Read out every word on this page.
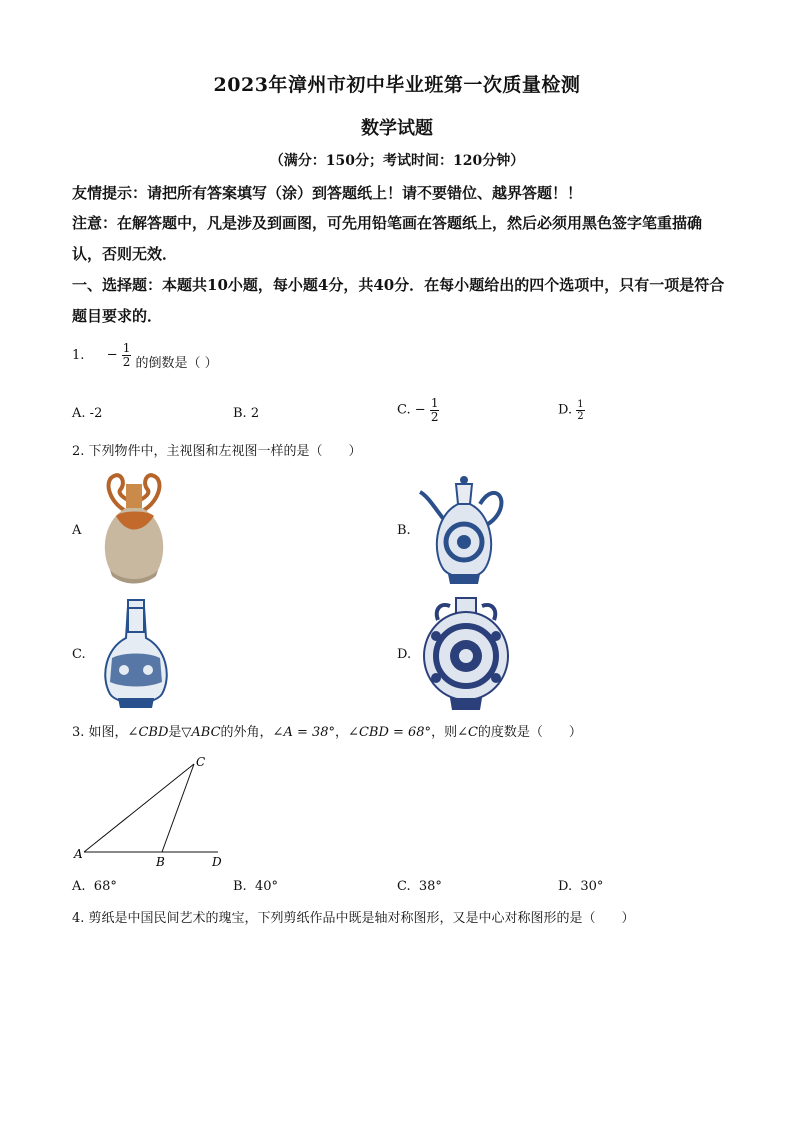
2023年漳州市初中毕业班第一次质量检测
数学试题
（满分：150分；考试时间：120分钟）
友情提示：请把所有答案填写（涂）到答题纸上！请不要错位、越界答题！！
注意：在解答题中，凡是涉及到画图，可先用铅笔画在答题纸上，然后必须用黑色签字笔重描确认，否则无效．
一、选择题：本题共10小题，每小题4分，共40分．在每小题给出的四个选项中，只有一项是符合题目要求的．
1. − $\frac{1}{2}$ 的倒数是（ ）
A. -2	B. 2	C. − $\frac{1}{2}$	D. $\frac{1}{2}$
2. 下列物件中，主视图和左视图一样的是（　　）
A	B.
C.	D.
3. 如图，∠CBD是▽ABC的外角，∠A = 38°，∠CBD = 68°，则∠C的度数是（　　）
A
B
C
D
A. 68°	B. 40°	C. 38°	D. 30°
4. 剪纸是中国民间艺术的瑰宝，下列剪纸作品中既是轴对称图形，又是中心对称图形的是（　　）
